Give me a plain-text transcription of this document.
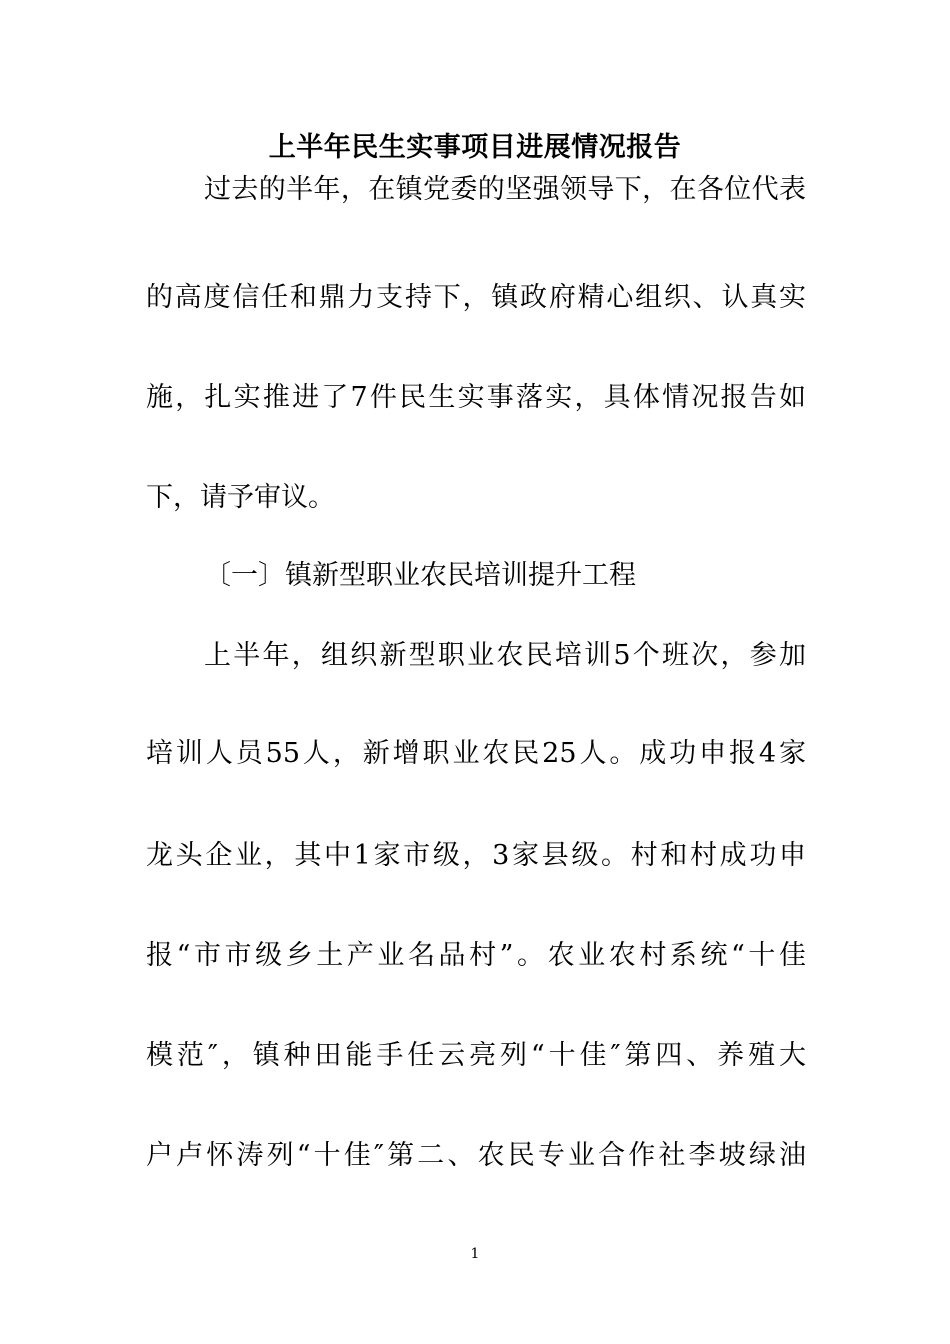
上半年民生实事项目进展情况报告
过去的半年，在镇党委的坚强领导下，在各位代表
的高度信任和鼎力支持下，镇政府精心组织、认真实
施，扎实推进了7件民生实事落实，具体情况报告如
下，请予审议。
〔一〕镇新型职业农民培训提升工程
上半年，组织新型职业农民培训5个班次，参加
培训人员55人，新增职业农民25人。成功申报4家
龙头企业，其中1家市级，3家县级。村和村成功申
报“市市级乡土产业名品村”。农业农村系统“十佳
模范″，镇种田能手任云亮列“十佳″第四、养殖大
户卢怀涛列“十佳″第二、农民专业合作社李坡绿油
1
